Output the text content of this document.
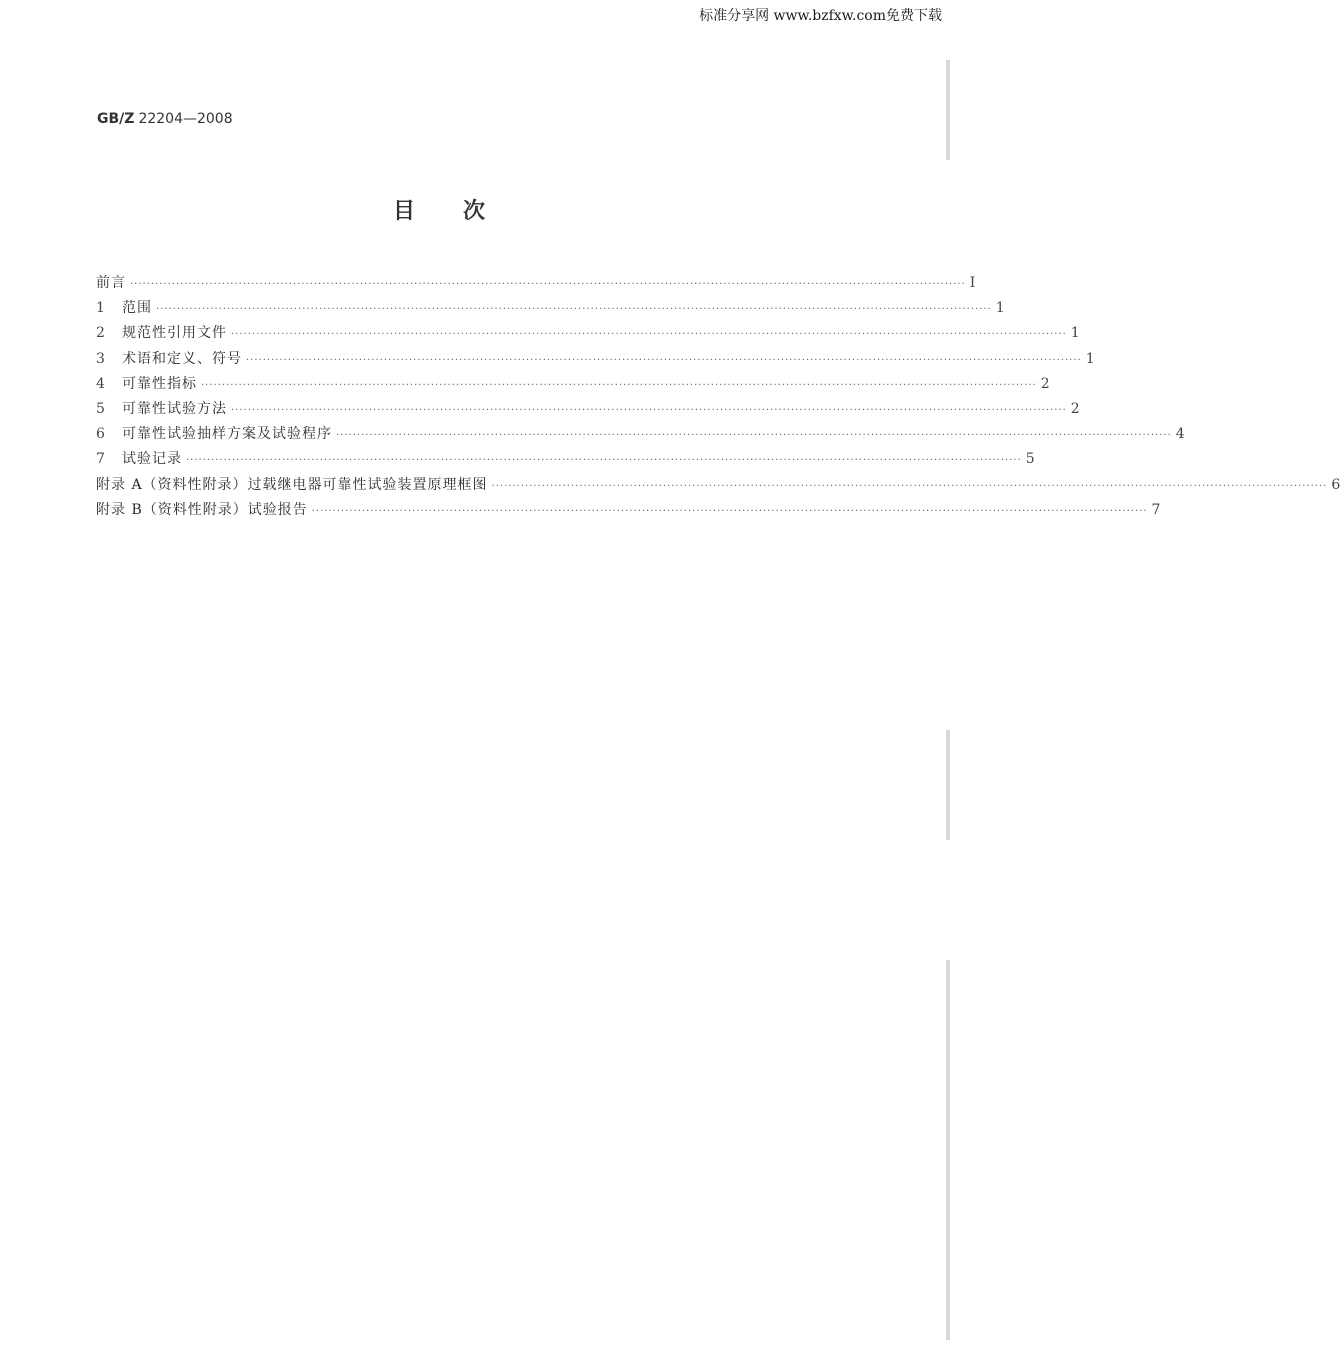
标准分享网 www.bzfxw.com免费下载
GB/Z 22204—2008
目次
前言 ········································································································································································································ I
1	范围 ········································································································································································································ 1
2	规范性引用文件 ········································································································································································································ 1
3	术语和定义、符号 ········································································································································································································ 1
4	可靠性指标 ········································································································································································································ 2
5	可靠性试验方法 ········································································································································································································ 2
6	可靠性试验抽样方案及试验程序 ········································································································································································································ 4
7	试验记录 ········································································································································································································ 5
附录 A（资料性附录） 过载继电器可靠性试验装置原理框图 ········································································································································································································ 6
附录 B（资料性附录） 试验报告 ········································································································································································································ 7
